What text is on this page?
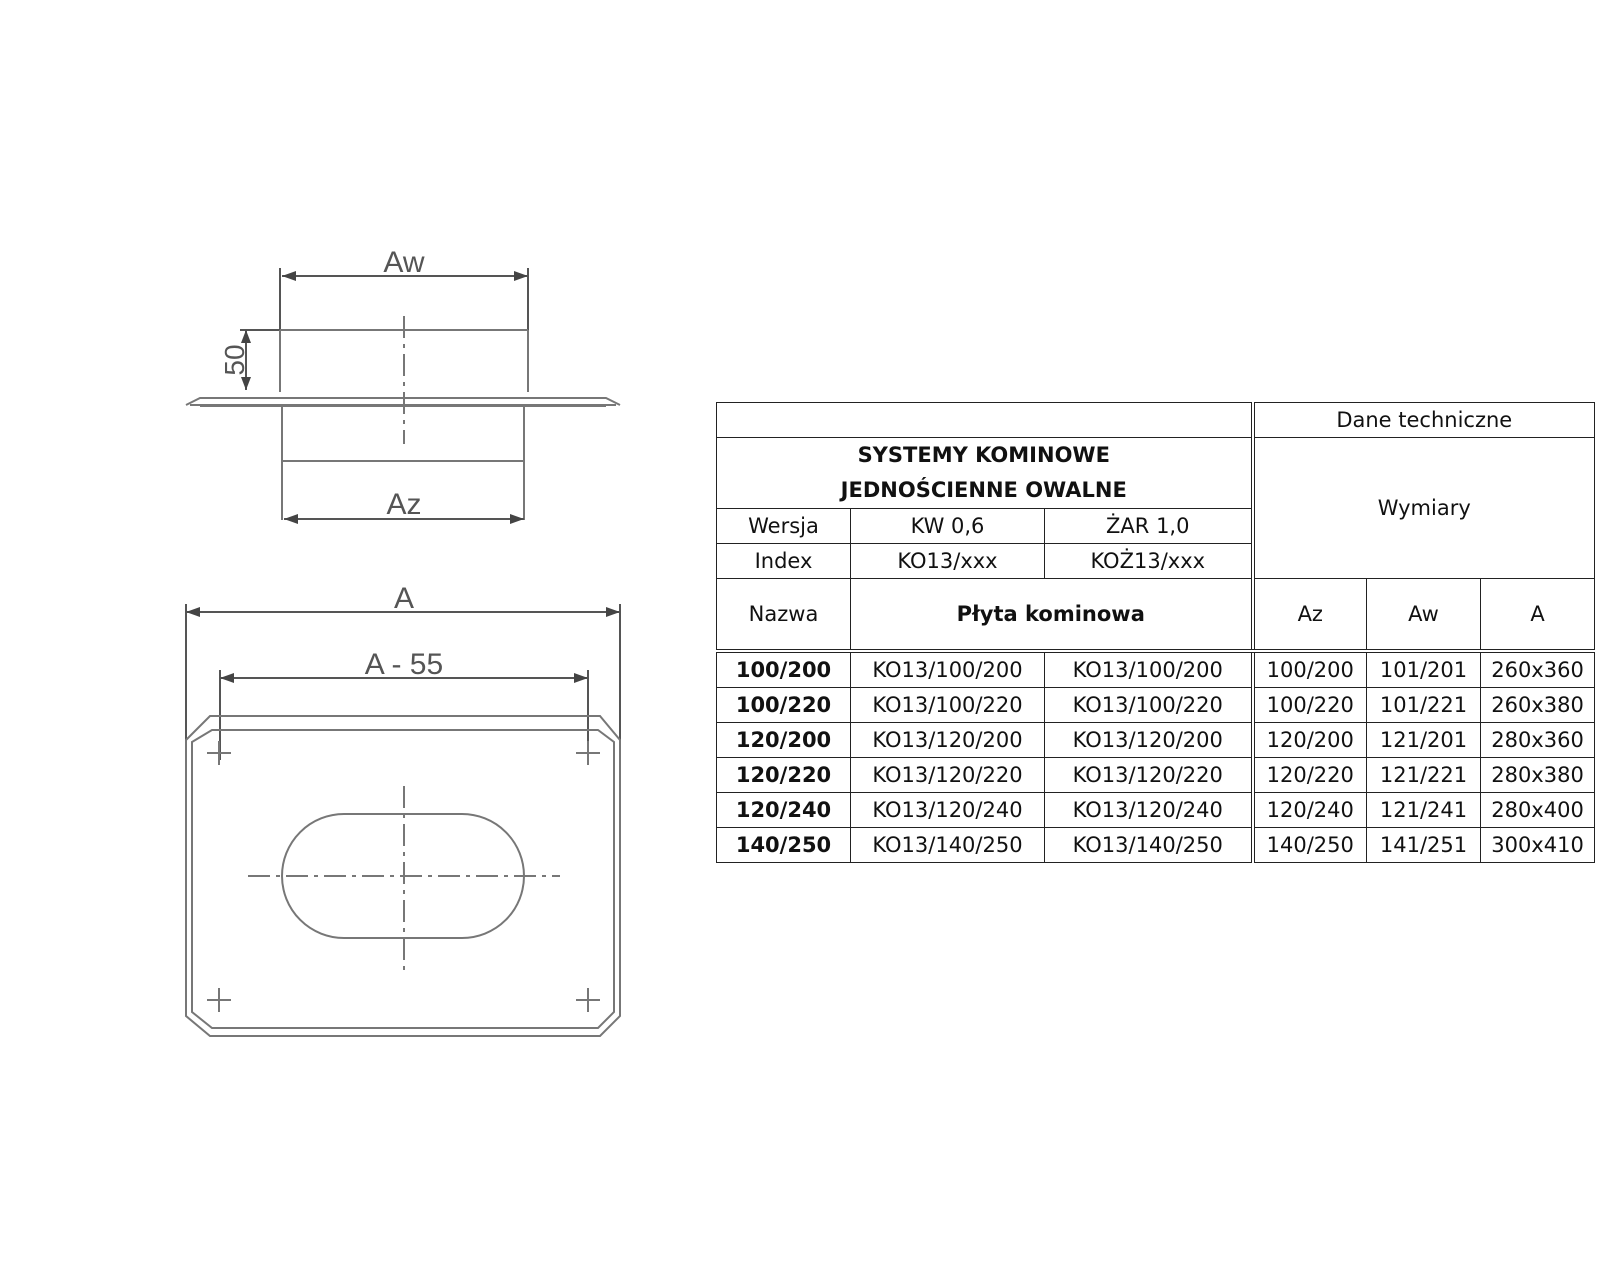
Aw
50
Az
A
A - 55
			Dane techniczne		

SYSTEMY KOMINOWE
JEDNOŚCIENNE OWALNE			Wymiary		
Wersja	KW 0,6	ŻAR 1,0			
Index	KO13/xxx	KOŻ13/xxx			
Nazwa	Płyta kominowa		Az	Aw	A
100/200	KO13/100/200	KO13/100/200	100/200	101/201	260x360
100/220	KO13/100/220	KO13/100/220	100/220	101/221	260x380
120/200	KO13/120/200	KO13/120/200	120/200	121/201	280x360
120/220	KO13/120/220	KO13/120/220	120/220	121/221	280x380
120/240	KO13/120/240	KO13/120/240	120/240	121/241	280x400
140/250	KO13/140/250	KO13/140/250	140/250	141/251	300x410
